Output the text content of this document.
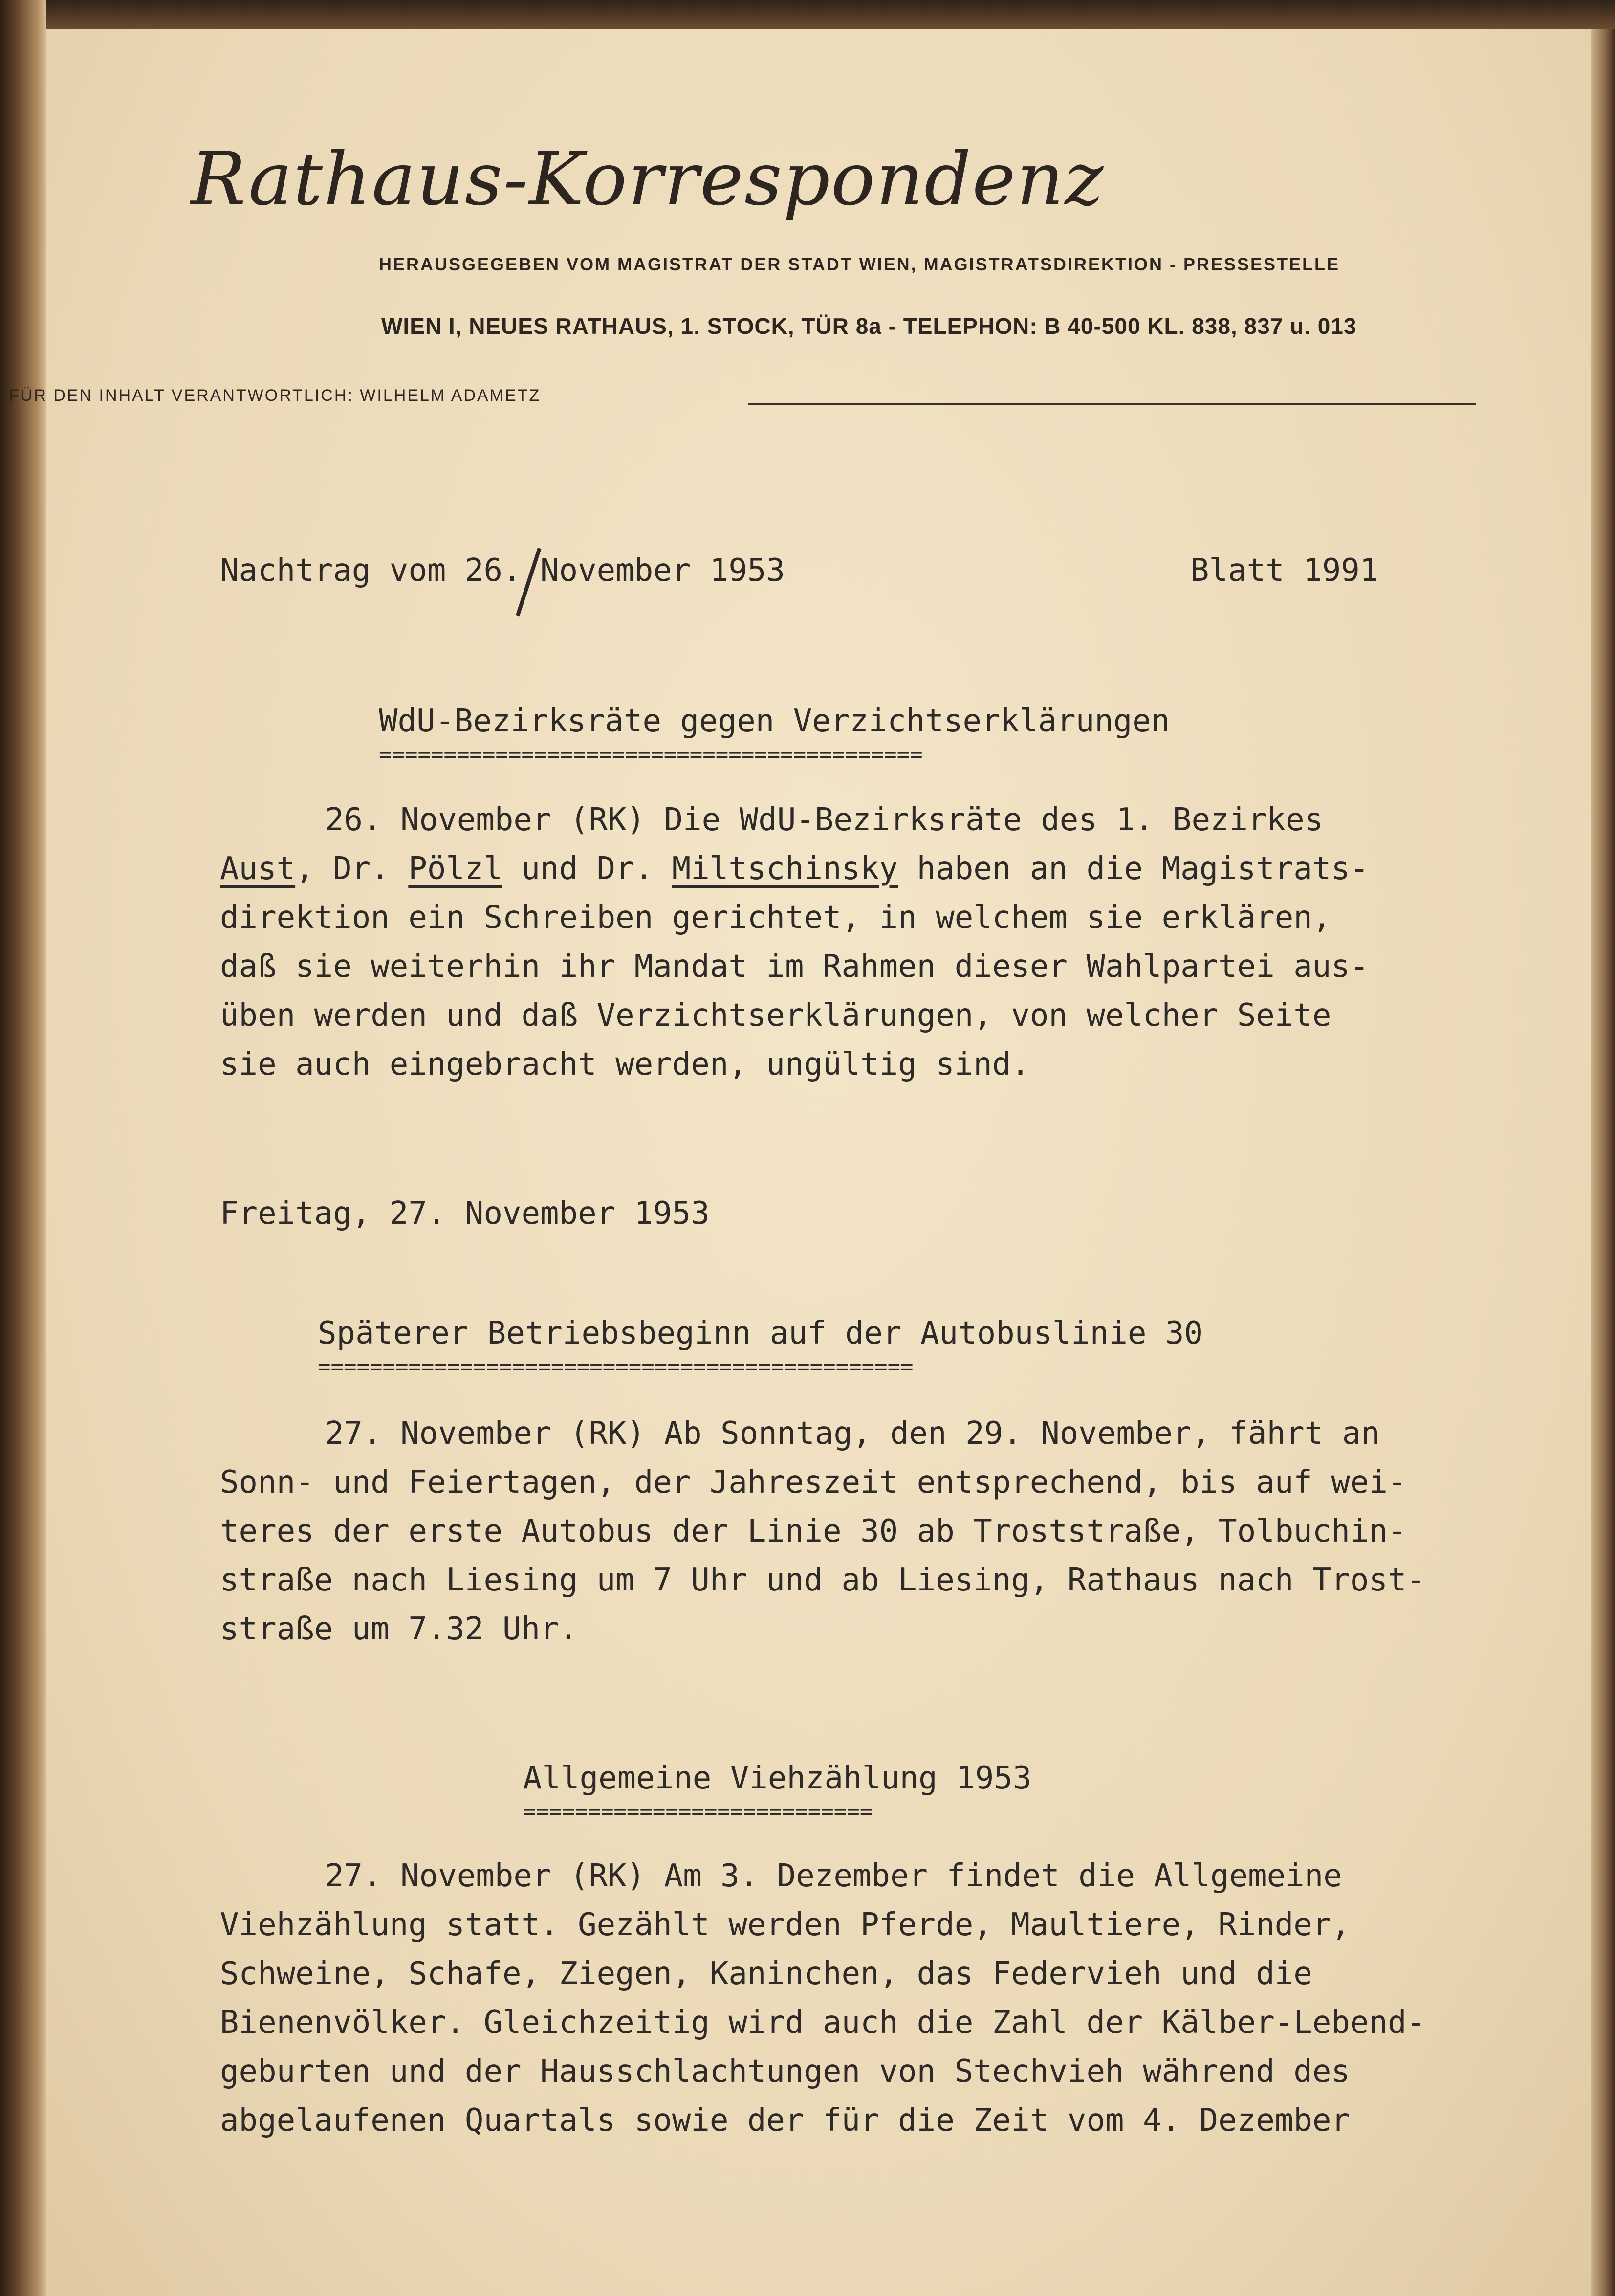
Rathaus-Korrespondenz
HERAUSGEGEBEN VOM MAGISTRAT DER STADT WIEN, MAGISTRATSDIREKTION - PRESSESTELLE
WIEN I, NEUES RATHAUS, 1. STOCK, TÜR 8a - TELEPHON: B 40-500 KL. 838, 837 u. 013
FÜR DEN INHALT VERANTWORTLICH: WILHELM ADAMETZ
Nachtrag vom 26. November 1953	Blatt 1991
WdU-Bezirksräte gegen Verzichtserklärungen
==========================================
26. November (RK) Die WdU-Bezirksräte des 1. Bezirkes
Aust, Dr. Pölzl und Dr. Miltschinsky haben an die Magistrats-
direktion ein Schreiben gerichtet, in welchem sie erklären,
daß sie weiterhin ihr Mandat im Rahmen dieser Wahlpartei aus-
üben werden und daß Verzichtserklärungen, von welcher Seite
sie auch eingebracht werden, ungültig sind.
Freitag, 27. November 1953
Späterer Betriebsbeginn auf der Autobuslinie 30
==============================================
27. November (RK) Ab Sonntag, den 29. November, fährt an
Sonn- und Feiertagen, der Jahreszeit entsprechend, bis auf wei-
teres der erste Autobus der Linie 30 ab Troststraße, Tolbuchin-
straße nach Liesing um 7 Uhr und ab Liesing, Rathaus nach Trost-
straße um 7.32 Uhr.
Allgemeine Viehzählung 1953
===========================
27. November (RK) Am 3. Dezember findet die Allgemeine
Viehzählung statt. Gezählt werden Pferde, Maultiere, Rinder,
Schweine, Schafe, Ziegen, Kaninchen, das Federvieh und die
Bienenvölker. Gleichzeitig wird auch die Zahl der Kälber-Lebend-
geburten und der Hausschlachtungen von Stechvieh während des
abgelaufenen Quartals sowie der für die Zeit vom 4. Dezember
